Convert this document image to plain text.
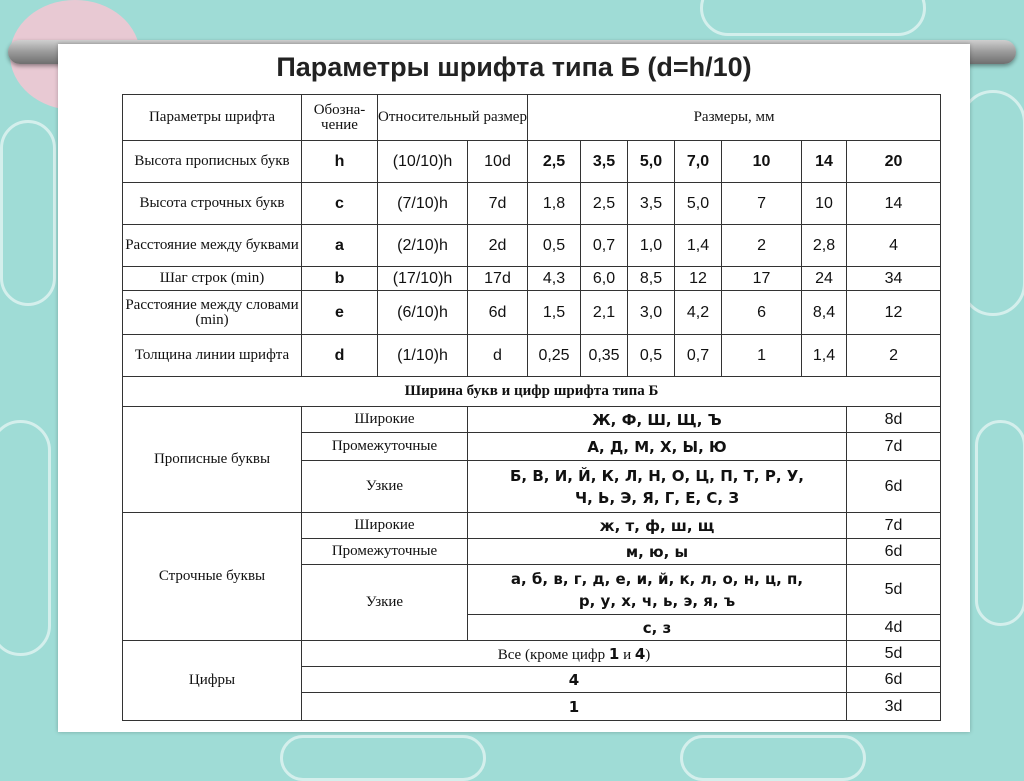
Параметры шрифта типа Б (d=h/10)
Параметры шрифта	Обозна-чение	Относительный размер		Размеры, мм						
Высота прописных букв	h	(10/10)h	10d	2,5	3,5	5,0	7,0	10	14	20
Высота строчных букв	c	(7/10)h	7d	1,8	2,5	3,5	5,0	7	10	14
Расстояние между буквами	a	(2/10)h	2d	0,5	0,7	1,0	1,4	2	2,8	4
Шаг строк (min)	b	(17/10)h	17d	4,3	6,0	8,5	12	17	24	34
Расстояние между словами (min)	e	(6/10)h	6d	1,5	2,1	3,0	4,2	6	8,4	12
Толщина линии шрифта	d	(1/10)h	d	0,25	0,35	0,5	0,7	1	1,4	2
Ширина букв и цифр шрифта типа Б										
Прописные буквы	Широкие		Ж, Ф, Ш, Щ, Ъ							8d
	Промежуточные		А, Д, М, Х, Ы, Ю							7d
	Узкие		Б, В, И, Й, К, Л, Н, О, Ц, П, Т, Р, У,
Ч, Ь, Э, Я, Г, Е, С, З							6d
Строчные буквы	Широкие		ж, т, ф, ш, щ							7d
	Промежуточные		м, ю, ы							6d
	Узкие		а, б, в, г, д, е, и, й, к, л, о, н, ц, п,
р, у, х, ч, ь, э, я, ъ							5d
			с, з							4d
Цифры	Все (кроме цифр 1 и 4)									5d
	4									6d
	1									3d
